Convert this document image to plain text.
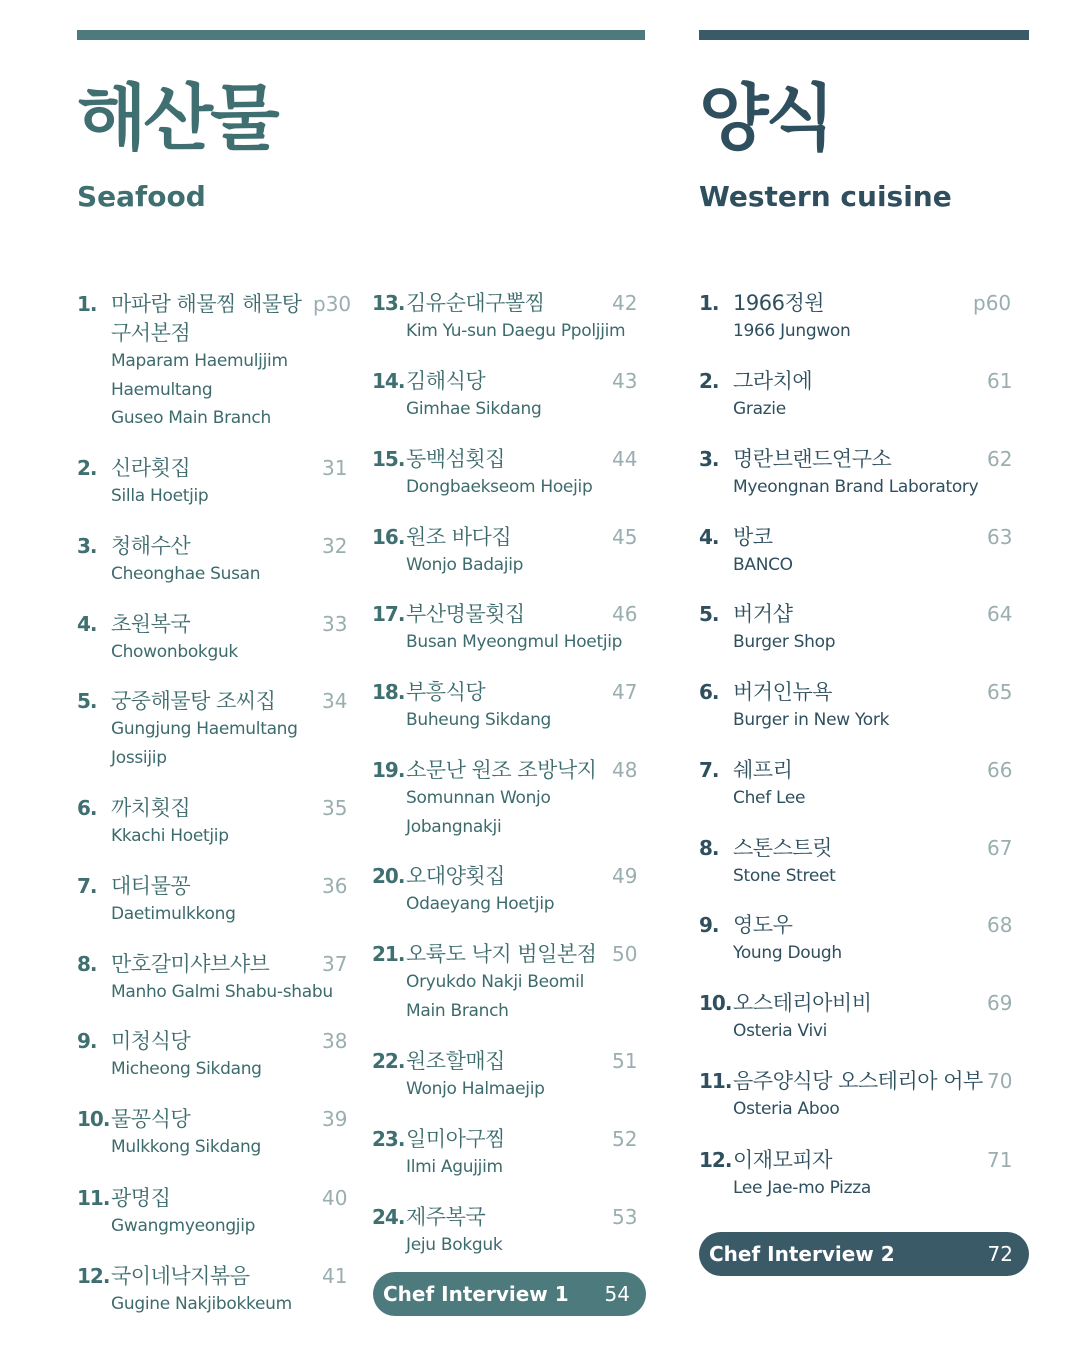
해산물
Seafood
양식
Western cuisine
1. 마파람 해물찜 해물탕
구서본점
Maparam Haemuljjim
Haemultang
Guseo Main Branch
p30
2. 신라횟집
Silla Hoetjip
31
3. 청해수산
Cheonghae Susan
32
4. 초원복국
Chowonbokguk
33
5. 궁중해물탕 조씨집
Gungjung Haemultang
Jossijip
34
6. 까치횟집
Kkachi Hoetjip
35
7. 대티물꽁
Daetimulkkong
36
8. 만호갈미샤브샤브
Manho Galmi Shabu-shabu
37
9. 미청식당
Micheong Sikdang
38
10. 물꽁식당
Mulkkong Sikdang
39
11. 광명집
Gwangmyeongjip
40
12. 국이네낙지볶음
Gugine Nakjibokkeum
41
13. 김유순대구뽈찜
Kim Yu-sun Daegu Ppoljjim
42
14. 김해식당
Gimhae Sikdang
43
15. 동백섬횟집
Dongbaekseom Hoejip
44
16. 원조 바다집
Wonjo Badajip
45
17. 부산명물횟집
Busan Myeongmul Hoetjip
46
18. 부흥식당
Buheung Sikdang
47
19. 소문난 원조 조방낙지
Somunnan Wonjo
Jobangnakji
48
20. 오대양횟집
Odaeyang Hoetjip
49
21. 오륙도 낙지 범일본점
Oryukdo Nakji Beomil
Main Branch
50
22. 원조할매집
Wonjo Halmaejip
51
23. 일미아구찜
Ilmi Agujjim
52
24. 제주복국
Jeju Bokguk
53
1. 1966정원
1966 Jungwon
p60
2. 그라치에
Grazie
61
3. 명란브랜드연구소
Myeongnan Brand Laboratory
62
4. 방코
BANCO
63
5. 버거샵
Burger Shop
64
6. 버거인뉴욕
Burger in New York
65
7. 쉐프리
Chef Lee
66
8. 스톤스트릿
Stone Street
67
9. 영도우
Young Dough
68
10. 오스테리아비비
Osteria Vivi
69
11. 음주양식당 오스테리아 어부
Osteria Aboo
70
12. 이재모피자
Lee Jae-mo Pizza
71
Chef Interview 1 54
Chef Interview 2	72
